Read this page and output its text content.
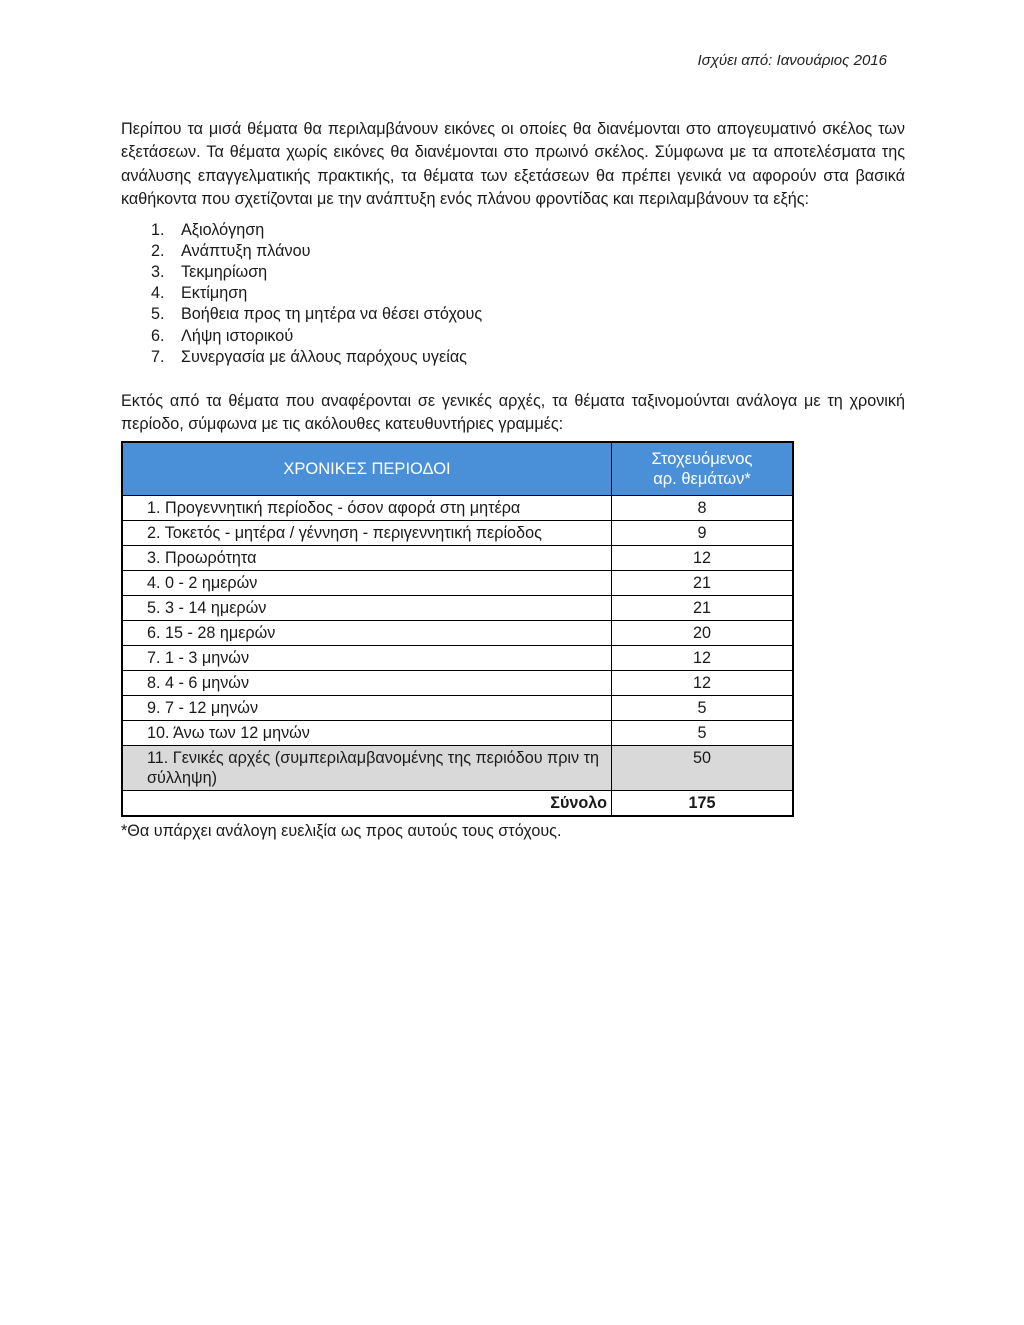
Ισχύει από: Ιανουάριος 2016

Περίπου τα μισά θέματα θα περιλαμβάνουν εικόνες οι οποίες θα διανέμονται στο απογευματινό σκέλος των εξετάσεων. Τα θέματα χωρίς εικόνες θα διανέμονται στο πρωινό σκέλος. Σύμφωνα με τα αποτελέσματα της ανάλυσης επαγγελματικής πρακτικής, τα θέματα των εξετάσεων θα πρέπει γενικά να αφορούν στα βασικά καθήκοντα που σχετίζονται με την ανάπτυξη ενός πλάνου φροντίδας και περιλαμβάνουν τα εξής:

1.	Αξιολόγηση
2.	Ανάπτυξη πλάνου
3.	Τεκμηρίωση
4.	Εκτίμηση
5.	Βοήθεια προς τη μητέρα να θέσει στόχους
6.	Λήψη ιστορικού
7.	Συνεργασία με άλλους παρόχους υγείας

Εκτός από τα θέματα που αναφέρονται σε γενικές αρχές, τα θέματα ταξινομούνται ανάλογα με τη χρονική περίοδο, σύμφωνα με τις ακόλουθες κατευθυντήριες γραμμές:

ΧΡΟΝΙΚΕΣ ΠΕΡΙΟΔΟΙ	Στοχευόμενος
αρ. θεμάτων*
1. Προγεννητική περίοδος - όσον αφορά στη μητέρα	8
2. Τοκετός - μητέρα / γέννηση - περιγεννητική περίοδος	9
3. Προωρότητα	12
4. 0 - 2 ημερών	21
5. 3 - 14 ημερών	21
6. 15 - 28 ημερών	20
7. 1 - 3 μηνών	12
8. 4 - 6 μηνών	12
9. 7 - 12 μηνών	5
10. Άνω των 12 μηνών	5
11. Γενικές αρχές (συμπεριλαμβανομένης της περιόδου πριν τη σύλληψη)	50
Σύνολο	175
*Θα υπάρχει ανάλογη ευελιξία ως προς αυτούς τους στόχους.
